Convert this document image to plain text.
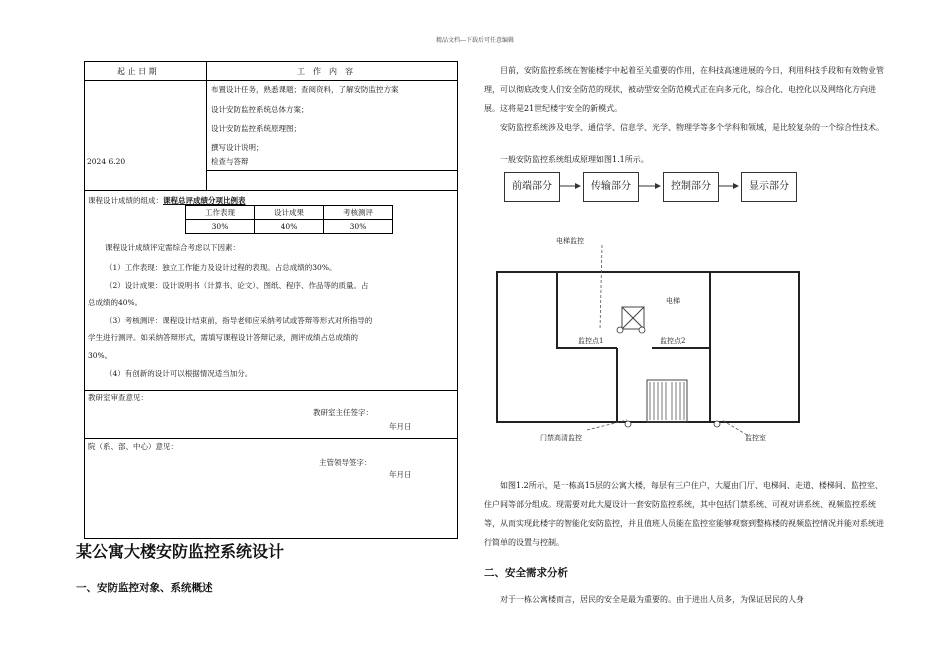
精品文档---下载后可任意编辑
起 止 日 期	工　作　内　容
布置设计任务，熟悉课题；查阅资料，了解安防监控方案
设计安防监控系统总体方案；
设计安防监控系统原理图；
撰写设计说明；
2024 6.20	检查与答辩
课程设计成绩的组成：课程总评成绩分项比例表
工作表现	设计成果	考核测评
30%	40%	30%
课程设计成绩评定需综合考虑以下因素：
（1）工作表现：独立工作能力及设计过程的表现。占总成绩的30%。
（2）设计成果：设计说明书（计算书、论文）、图纸、程序、作品等的质量。占
总成绩的40%。
（3）考核测评：课程设计结束前，指导老师应采纳考试或答辩等形式对所指导的
学生进行测评。如采纳答辩形式，需填写课程设计答辩记录，测评成绩占总成绩的
30%。
（4）有创新的设计可以根据情况适当加分。
教研室审查意见：
教研室主任签字：
年月日
院（系、部、中心）意见：
主管领导签字：
年月日
某公寓大楼安防监控系统设计
一、安防监控对象、系统概述
目前，安防监控系统在智能楼宇中起着至关重要的作用，在科技高速进展的今日，利用科技手段和有效物业管理，可以彻底改变人们安全防范的现状，被动型安全防范模式正在向多元化，综合化、电控化以及网络化方向进展。这将是21世纪楼宇安全的新模式。
安防监控系统涉及电学、通信学、信息学、光学、物理学等多个学科和领域，是比较复杂的一个综合性技术。
一般安防监控系统组成原理如图1.1所示。
前端部分	传输部分	控制部分	显示部分
电梯监控
电梯
监控点1	监控点2
门禁高清监控	监控室
如图1.2所示，是一栋高15层的公寓大楼，每层有三户住户，大厦由门厅、电梯间、走道、楼梯间、监控室、住户间等部分组成。现需要对此大厦设计一套安防监控系统，其中包括门禁系统、可视对讲系统、视频监控系统等，从而实现此楼宇的智能化安防监控，并且值班人员能在监控室能够观察到整栋楼的视频监控情况并能对系统进行简单的设置与控制。
二、安全需求分析
对于一栋公寓楼而言，居民的安全是最为重要的。由于进出人员多，为保证居民的人身
